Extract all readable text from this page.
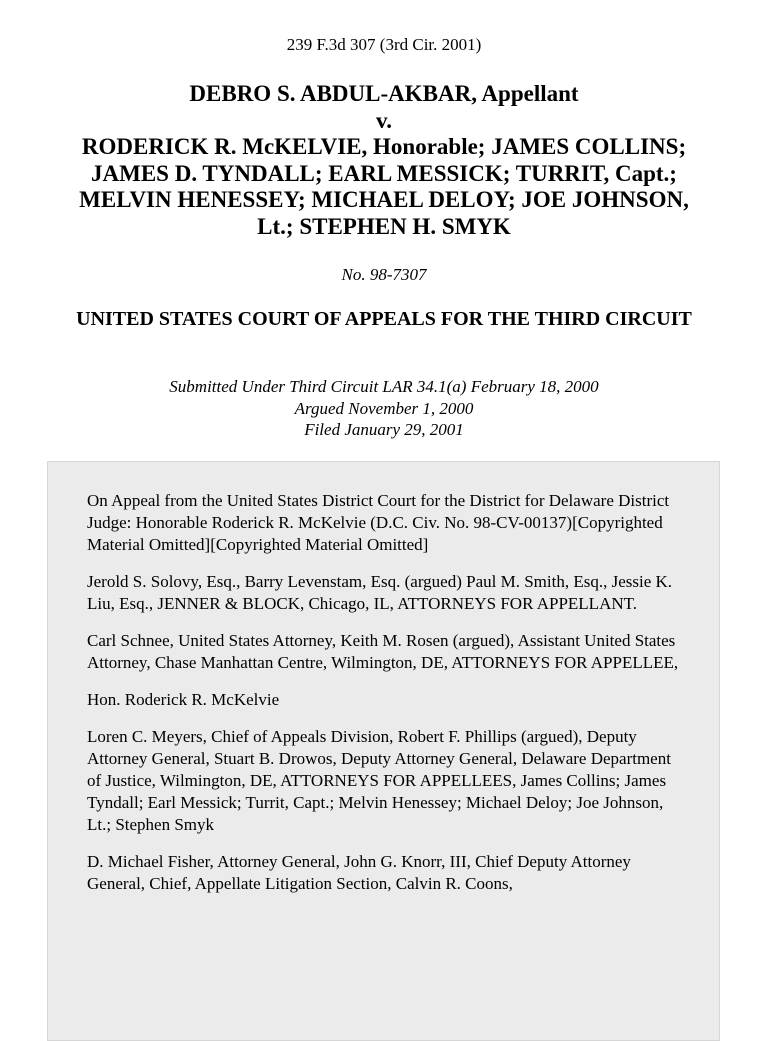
239 F.3d 307 (3rd Cir. 2001)
DEBRO S. ABDUL-AKBAR, Appellant
v.
RODERICK R. McKELVIE, Honorable; JAMES COLLINS;
JAMES D. TYNDALL; EARL MESSICK; TURRIT, Capt.;
MELVIN HENESSEY; MICHAEL DELOY; JOE JOHNSON,
Lt.; STEPHEN H. SMYK
No. 98-7307
UNITED STATES COURT OF APPEALS FOR THE THIRD CIRCUIT
Submitted Under Third Circuit LAR 34.1(a) February 18, 2000
Argued November 1, 2000
Filed January 29, 2001

On Appeal from the United States District Court for the District for Delaware District Judge: Honorable Roderick R. McKelvie (D.C. Civ. No. 98-CV-00137)[Copyrighted Material Omitted][Copyrighted Material Omitted]

Jerold S. Solovy, Esq., Barry Levenstam, Esq. (argued) Paul M. Smith, Esq., Jessie K. Liu, Esq., JENNER & BLOCK, Chicago, IL, ATTORNEYS FOR APPELLANT.

Carl Schnee, United States Attorney, Keith M. Rosen (argued), Assistant United States Attorney, Chase Manhattan Centre, Wilmington, DE, ATTORNEYS FOR APPELLEE,

Hon. Roderick R. McKelvie

Loren C. Meyers, Chief of Appeals Division, Robert F. Phillips (argued), Deputy Attorney General, Stuart B. Drowos, Deputy Attorney General, Delaware Department of Justice, Wilmington, DE, ATTORNEYS FOR APPELLEES, James Collins; James Tyndall; Earl Messick; Turrit, Capt.; Melvin Henessey; Michael Deloy; Joe Johnson, Lt.; Stephen Smyk

D. Michael Fisher, Attorney General, John G. Knorr, III, Chief Deputy Attorney General, Chief, Appellate Litigation Section, Calvin R. Coons,
